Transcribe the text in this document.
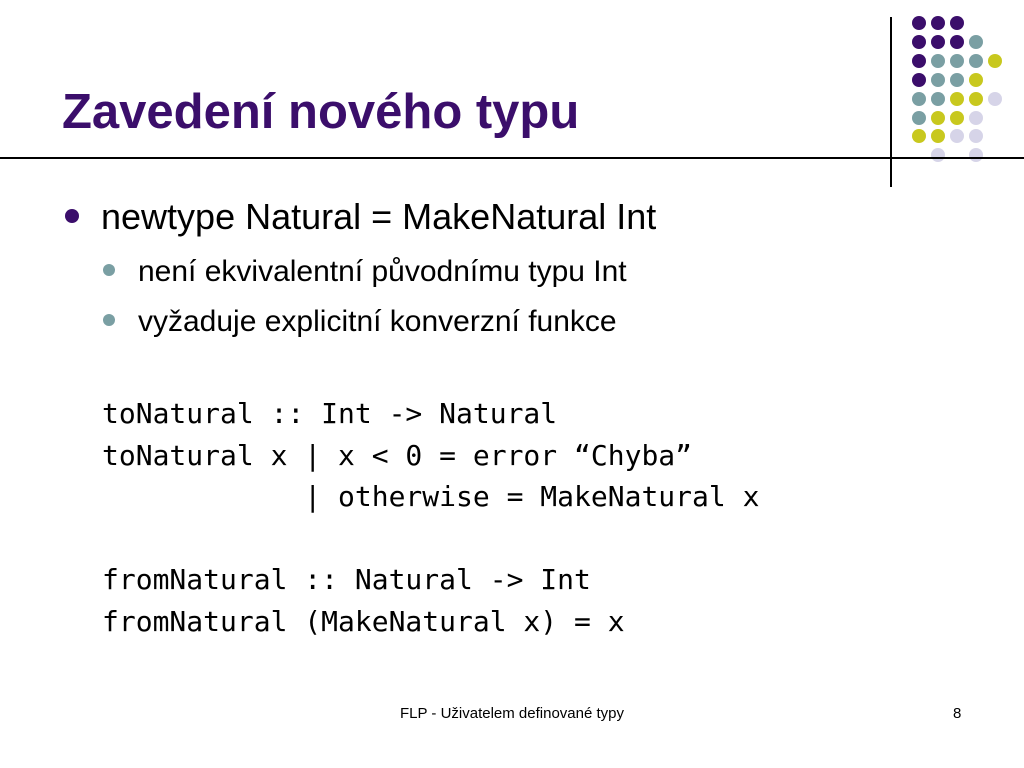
Zavedení nového typu
newtype Natural = MakeNatural Int
není ekvivalentní původnímu typu Int
vyžaduje explicitní konverzní funkce
toNatural :: Int -> Natural
toNatural x | x < 0 = error “Chyba”
| otherwise = MakeNatural x

fromNatural :: Natural -> Int
fromNatural (MakeNatural x) = x
FLP - Uživatelem definované typy	8
